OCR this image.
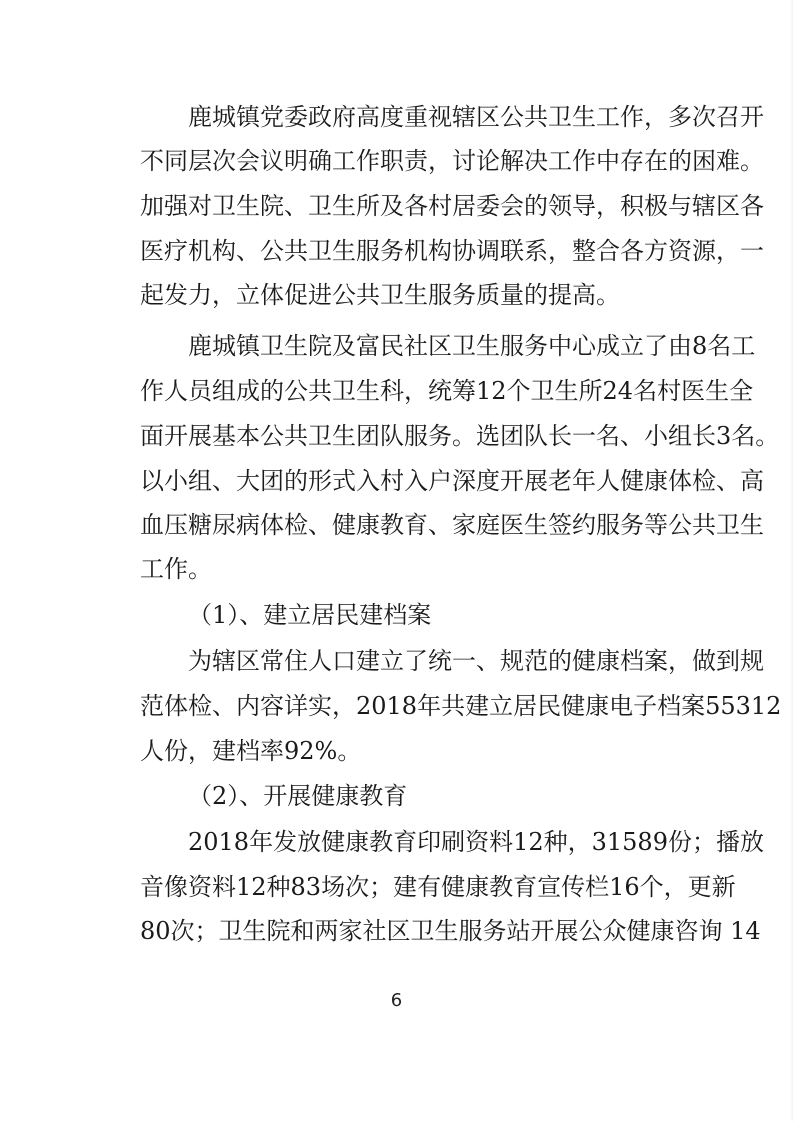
鹿城镇党委政府高度重视辖区公共卫生工作，多次召开
不同层次会议明确工作职责，讨论解决工作中存在的困难。
加强对卫生院、卫生所及各村居委会的领导，积极与辖区各
医疗机构、公共卫生服务机构协调联系，整合各方资源，一
起发力，立体促进公共卫生服务质量的提高。
鹿城镇卫生院及富民社区卫生服务中心成立了由8名工
作人员组成的公共卫生科，统筹12个卫生所24名村医生全
面开展基本公共卫生团队服务。选团队长一名、小组长3名。
以小组、大团的形式入村入户深度开展老年人健康体检、高
血压糖尿病体检、健康教育、家庭医生签约服务等公共卫生
工作。
（1）、建立居民建档案
为辖区常住人口建立了统一、规范的健康档案，做到规
范体检、内容详实，2018年共建立居民健康电子档案55312
人份，建档率92%。
（2）、开展健康教育
2018年发放健康教育印刷资料12种，31589份；播放
音像资料12种83场次；建有健康教育宣传栏16个，更新
80次；卫生院和两家社区卫生服务站开展公众健康咨询 14
6
